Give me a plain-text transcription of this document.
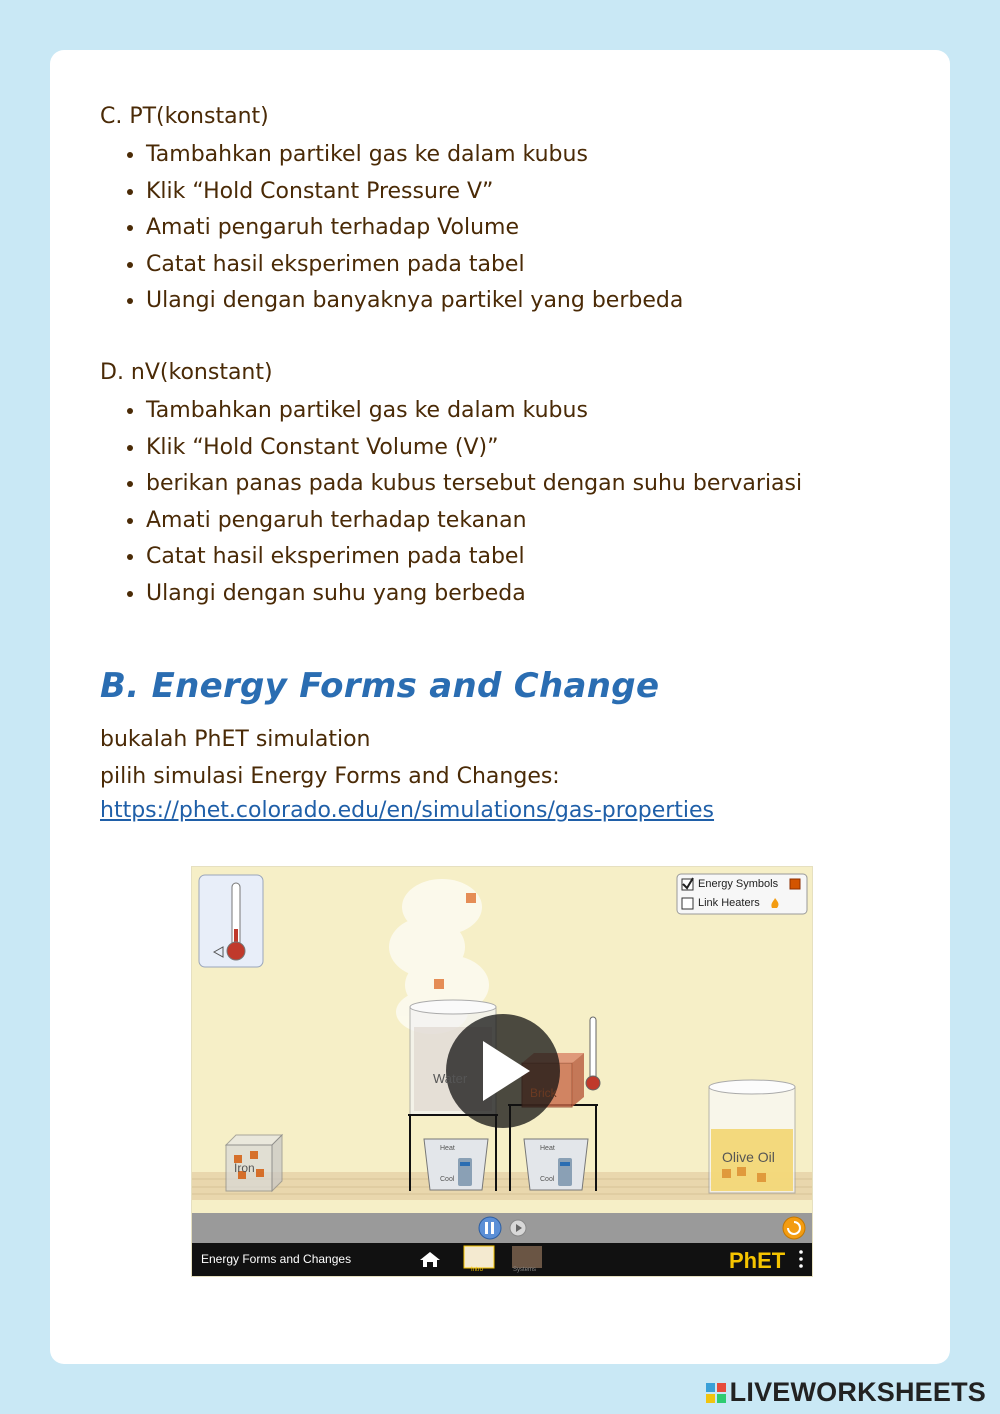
C. PT(konstant)

• Tambahkan partikel gas ke dalam kubus
• Klik “Hold Constant Pressure V”
• Amati pengaruh terhadap Volume
• Catat hasil eksperimen pada tabel
• Ulangi dengan banyaknya partikel yang berbeda

D. nV(konstant)

• Tambahkan partikel gas ke dalam kubus
• Klik “Hold Constant Volume (V)”
• berikan panas pada kubus tersebut dengan suhu bervariasi
• Amati pengaruh terhadap tekanan
• Catat hasil eksperimen pada tabel
• Ulangi dengan suhu yang berbeda
B. Energy Forms and Change

bukalah PhET simulation

pilih simulasi Energy Forms and Changes:

https://phet.colorado.edu/en/simulations/gas-properties
Energy Symbols
Link Heaters
Water
Brick
Iron
Olive Oil
Heat
Cool
Heat
Cool
Energy Forms and Changes
Intro	Systems	PhET
LIVEWORKSHEETS
